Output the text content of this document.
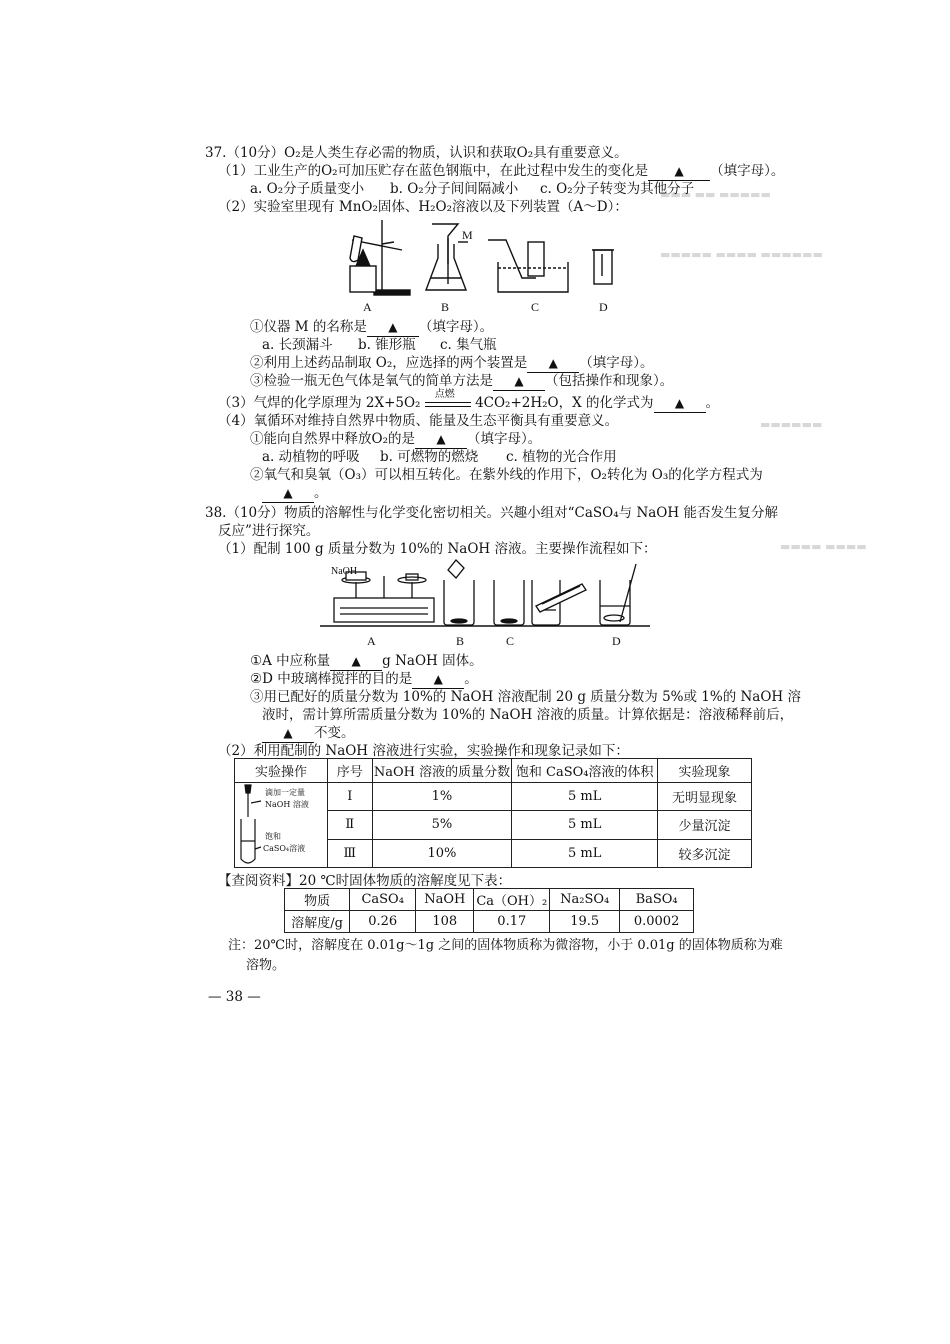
▬▬▬ ▬▬ ▬▬▬▬▬
▬▬▬▬▬ ▬▬▬▬ ▬▬▬▬▬▬
▬▬▬▬▬▬
▬▬▬▬ ▬▬▬▬
37.（10分）O₂是人类生存必需的物质，认识和获取O₂具有重要意义。
（1）工业生产的O₂可加压贮存在蓝色钢瓶中，在此过程中发生的变化是 ▲ （填字母）。
a. O₂分子质量变小 b. O₂分子间间隔减小 c. O₂分子转变为其他分子
（2）实验室里现有 MnO₂固体、H₂O₂溶液以及下列装置（A～D）：
M
A	B	C	D
①仪器 M 的名称是 ▲ （填字母）。
a. 长颈漏斗 b. 锥形瓶 c. 集气瓶
②利用上述药品制取 O₂，应选择的两个装置是 ▲ （填字母）。
③检验一瓶无色气体是氧气的简单方法是 ▲ （包括操作和现象）。
（3）气焊的化学原理为 2X+5O₂
点燃
4CO₂+2H₂O，X 的化学式为 ▲ 。
（4）氧循环对维持自然界中物质、能量及生态平衡具有重要意义。
①能向自然界中释放O₂的是 ▲ （填字母）。
a. 动植物的呼吸 b. 可燃物的燃烧 c. 植物的光合作用
②氧气和臭氧（O₃）可以相互转化。在紫外线的作用下，O₂转化为 O₃的化学方程式为
▲ 。
38.（10分）物质的溶解性与化学变化密切相关。兴趣小组对“CaSO₄与 NaOH 能否发生复分解
反应”进行探究。
（1）配制 100 g 质量分数为 10%的 NaOH 溶液。主要操作流程如下：
NaOH
A	B	C	D
①A 中应称量 ▲ g NaOH 固体。
②D 中玻璃棒搅拌的目的是 ▲ 。
③用已配好的质量分数为 10%的 NaOH 溶液配制 20 g 质量分数为 5%或 1%的 NaOH 溶
液时，需计算所需质量分数为 10%的 NaOH 溶液的质量。计算依据是：溶液稀释前后，
▲ 不变。
（2）利用配制的 NaOH 溶液进行实验，实验操作和现象记录如下：
实验操作	序号	NaOH 溶液的质量分数	饱和 CaSO₄溶液的体积	实验现象

滴加一定量
NaOH 溶液
饱和
CaSO₄溶液	Ⅰ	1%	5 mL	无明显现象
	Ⅱ	5%	5 mL	少量沉淀
	Ⅲ	10%	5 mL	较多沉淀
【查阅资料】20 ℃时固体物质的溶解度见下表：
物质	CaSO₄	NaOH	Ca（OH）₂	Na₂SO₄	BaSO₄
溶解度/g	0.26	108	0.17	19.5	0.0002
注：20℃时，溶解度在 0.01g～1g 之间的固体物质称为微溶物，小于 0.01g 的固体物质称为难
溶物。
— 38 —
